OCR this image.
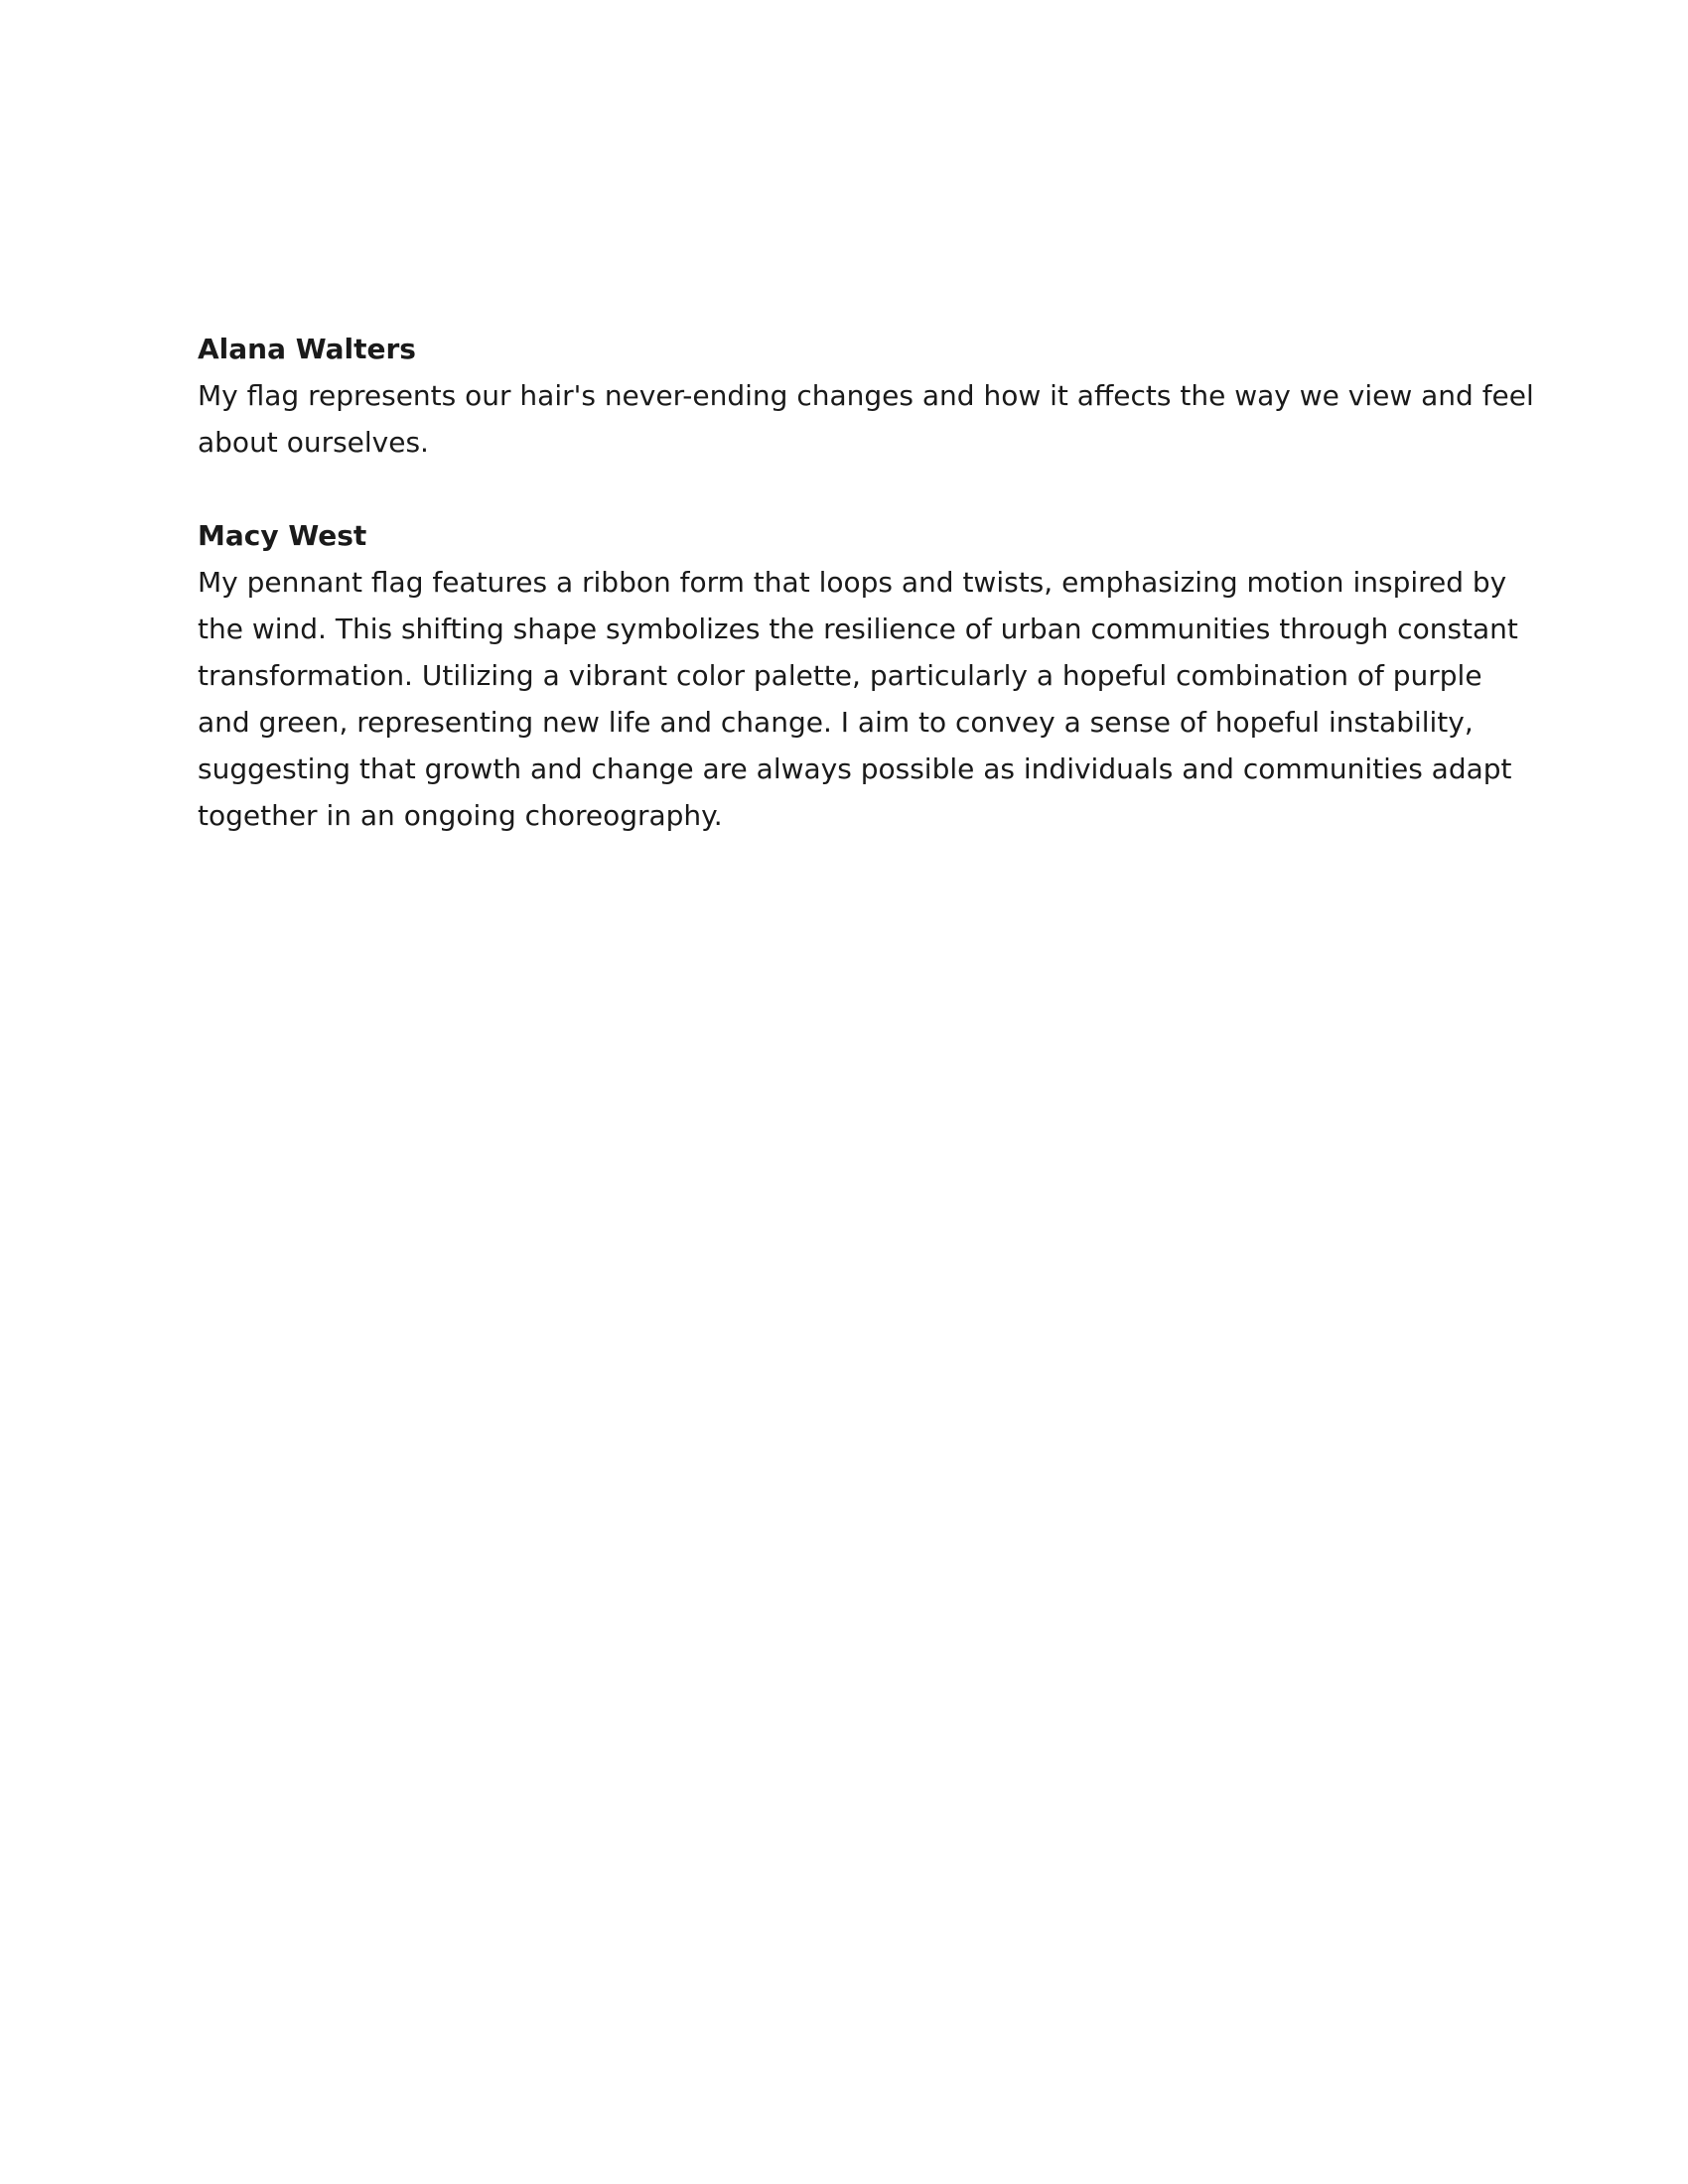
Alana Walters
My flag represents our hair's never-ending changes and how it affects the way we view and feel
about ourselves.
Macy West
My pennant flag features a ribbon form that loops and twists, emphasizing motion inspired by
the wind. This shifting shape symbolizes the resilience of urban communities through constant
transformation. Utilizing a vibrant color palette, particularly a hopeful combination of purple
and green, representing new life and change. I aim to convey a sense of hopeful instability,
suggesting that growth and change are always possible as individuals and communities adapt
together in an ongoing choreography.
